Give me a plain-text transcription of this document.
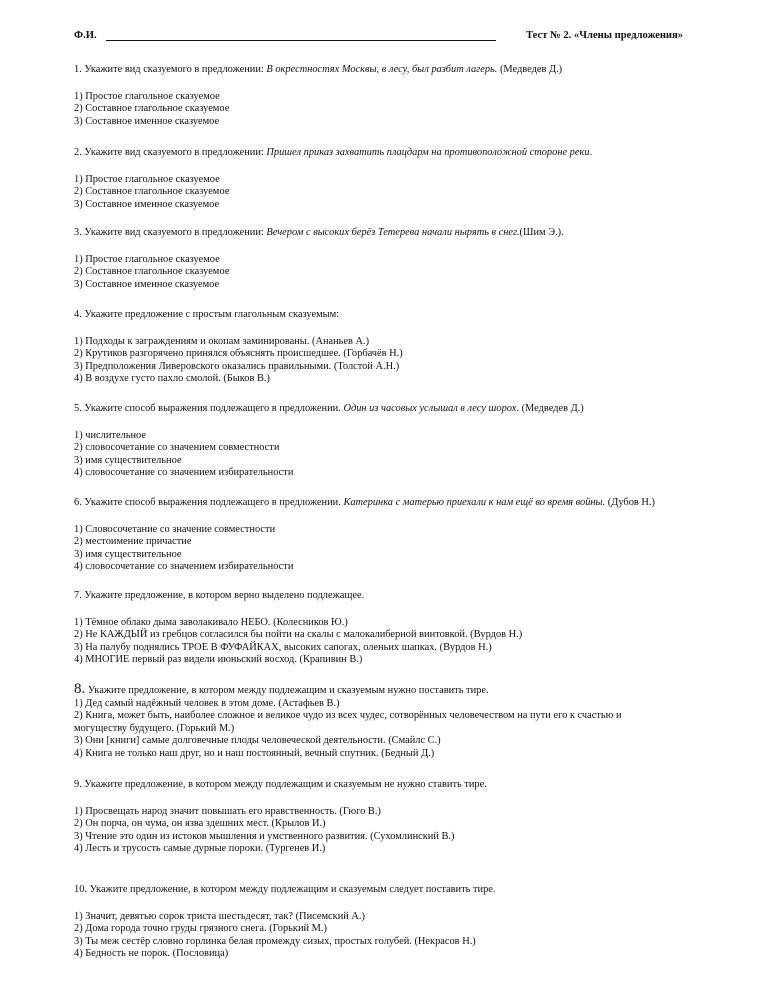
Ф.И.	Тест № 2. «Члены предложения»

1. Укажите вид сказуемого в предложении: В окрестностях Москвы, в лесу, был разбит лагерь. (Медведев Д.)

1) Простое глагольное сказуемое

2) Составное глагольное сказуемое

3) Составное именное сказуемое

2. Укажите вид сказуемого в предложении: Пришел приказ захватить плацдарм на противоположной стороне реки.

1) Простое глагольное сказуемое

2) Составное глагольное сказуемое

3) Составное именное сказуемое

3. Укажите вид сказуемого в предложении: Вечером с высоких берёз Тетерева начали нырять в снег.(Шим Э.).

1) Простое глагольное сказуемое

2) Составное глагольное сказуемое

3) Составное именное сказуемое

4. Укажите предложение с простым глагольным сказуемым:

1) Подходы к заграждениям и окопам заминированы. (Ананьев А.)

2) Крутиков разгорячено принялся объяснять происшедшее. (Горбачёв Н.)

3) Предположения Ливеровского оказались правильными. (Толстой А.Н.)

4) В воздухе густо пахло смолой. (Быков В.)

5. Укажите способ выражения подлежащего в предложении. Один из часовых услышал в лесу шорох. (Медведев Д.)

1) числительное

2) словосочетание со значением совместности

3) имя существительное

4) словосочетание со значением избирательности

6. Укажите способ выражения подлежащего в предложении. Катеринка с матерью приехали к нам ещё во время войны. (Дубов Н.)

1) Словосочетание со значение совместности

2) местоимение причастие

3) имя существительное

4) словосочетание со значением избирательности

7. Укажите предложение, в котором верно выделено подлежащее.

1) Тёмное облако дыма заволакивало НЕБО. (Колесников Ю.)

2) Не КАЖДЫЙ из гребцов согласился бы пойти на скалы с малокалиберной винтовкой. (Вурдов Н.)

3) На палубу поднялись ТРОЕ В ФУФАЙКАХ, высоких сапогах, оленьих шапках. (Вурдов Н.)

4) МНОГИЕ первый раз видели июньский восход. (Крапивин В.)

8. Укажите предложение, в котором между подлежащим и сказуемым нужно поставить тире.

1) Дед самый надёжный человек в этом доме. (Астафьев В.)

2) Книга, может быть, наиболее сложное и великое чудо из всех чудес, сотворённых человечеством на пути его к счастью и

могуществу будущего. (Горький М.)

3) Они [книги] самые долговечные плоды человеческой деятельности. (Смайлс С.)

4) Книга не только наш друг, но и наш постоянный, вечный спутник. (Бедный Д.)

9. Укажите предложение, в котором между подлежащим и сказуемым не нужно ставить тире.

1) Просвещать народ значит повышать его нравственность. (Гюго В.)

2) Он порча, он чума, он язва здешних мест. (Крылов И.)

3) Чтение это один из истоков мышления и умственного развития. (Сухомлинский В.)

4) Лесть и трусость самые дурные пороки. (Тургенев И.)

10. Укажите предложение, в котором между подлежащим и сказуемым следует поставить тире.

1) Значит, девятью сорок триста шестьдесят, так? (Писемский А.)

2) Дома города точно груды грязного снега. (Горький М.)

3) Ты меж сестёр словно горлинка белая промежду сизых, простых голубей. (Некрасов Н.)

4) Бедность не порок. (Пословица)
